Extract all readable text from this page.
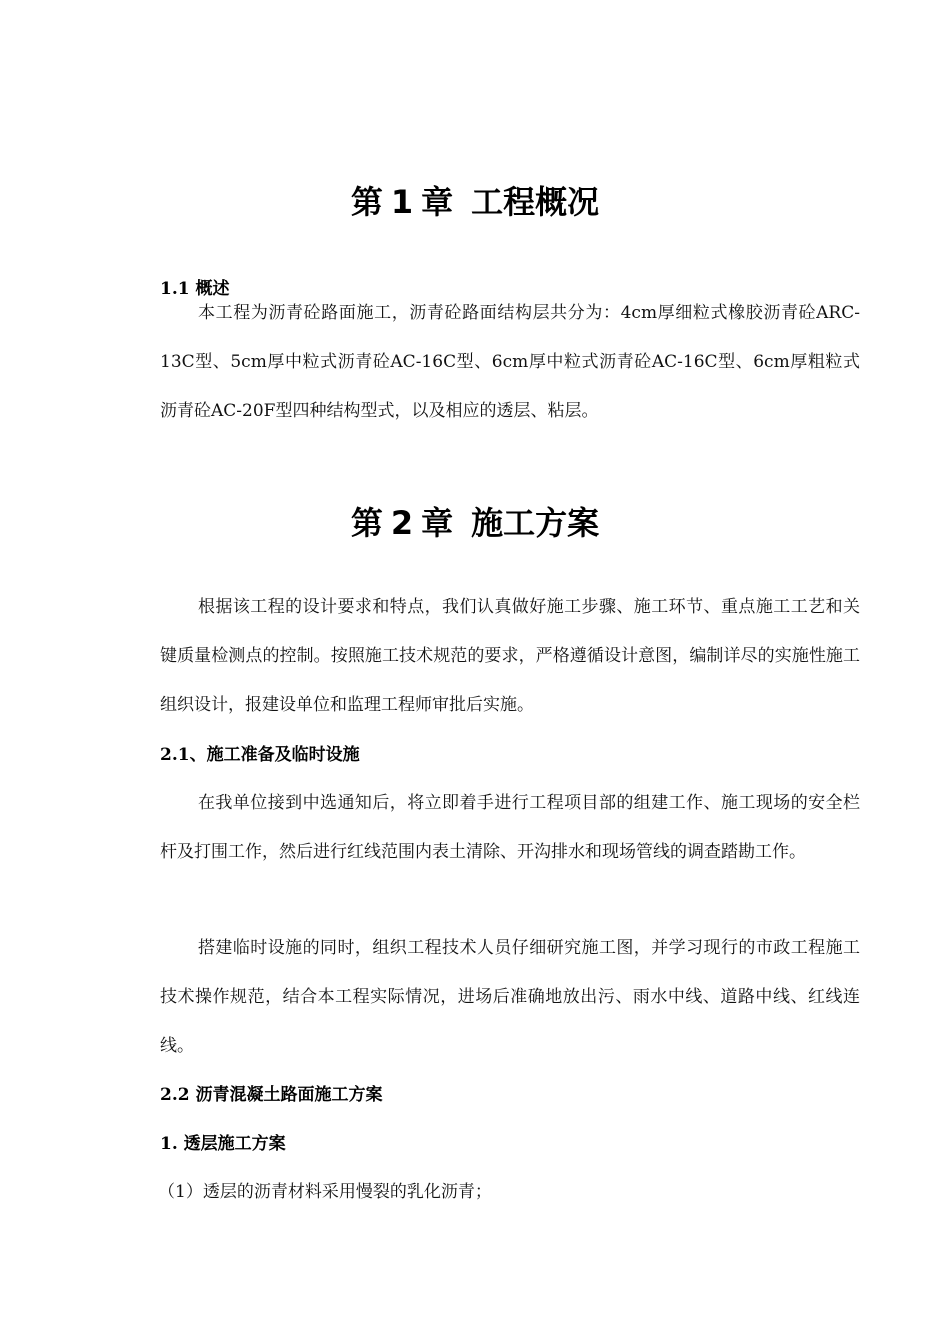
第 1 章 工程概况
1.1 概述

本工程为沥青砼路面施工，沥青砼路面结构层共分为：4cm厚细粒式橡胶沥青砼ARC-13C型、5cm厚中粒式沥青砼AC-16C型、6cm厚中粒式沥青砼AC-16C型、6cm厚粗粒式沥青砼AC-20F型四种结构型式，以及相应的透层、粘层。

第 2 章 施工方案

根据该工程的设计要求和特点，我们认真做好施工步骤、施工环节、重点施工工艺和关键质量检测点的控制。按照施工技术规范的要求，严格遵循设计意图，编制详尽的实施性施工组织设计，报建设单位和监理工程师审批后实施。

2.1、施工准备及临时设施

在我单位接到中选通知后，将立即着手进行工程项目部的组建工作、施工现场的安全栏杆及打围工作，然后进行红线范围内表土清除、开沟排水和现场管线的调查踏勘工作。

搭建临时设施的同时，组织工程技术人员仔细研究施工图，并学习现行的市政工程施工技术操作规范，结合本工程实际情况，进场后准确地放出污、雨水中线、道路中线、红线连线。

2.2 沥青混凝土路面施工方案
1. 透层施工方案

（1）透层的沥青材料采用慢裂的乳化沥青；
